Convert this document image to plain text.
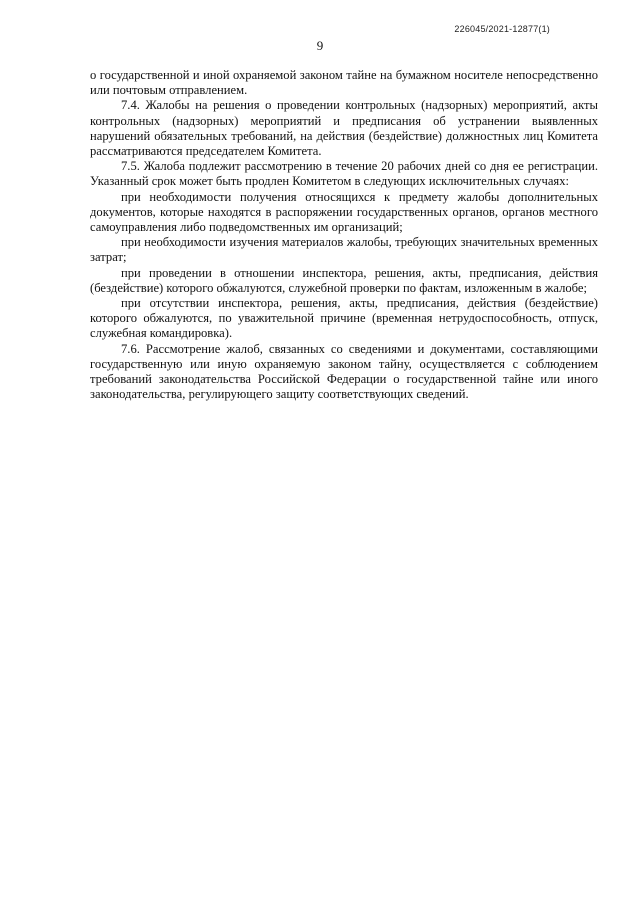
226045/2021-12877(1)
9

о государственной и иной охраняемой законом тайне на бумажном носителе непосредственно или почтовым отправлением.

7.4. Жалобы на решения о проведении контрольных (надзорных) мероприятий, акты контрольных (надзорных) мероприятий и предписания об устранении выявленных нарушений обязательных требований, на действия (бездействие) должностных лиц Комитета рассматриваются председателем Комитета.

7.5. Жалоба подлежит рассмотрению в течение 20 рабочих дней со дня ее регистрации. Указанный срок может быть продлен Комитетом в следующих исключительных случаях:

при необходимости получения относящихся к предмету жалобы дополнительных документов, которые находятся в распоряжении государственных органов, органов местного самоуправления либо подведомственных им организаций;

при необходимости изучения материалов жалобы, требующих значительных временных затрат;

при проведении в отношении инспектора, решения, акты, предписания, действия (бездействие) которого обжалуются, служебной проверки по фактам, изложенным в жалобе;

при отсутствии инспектора, решения, акты, предписания, действия (бездействие) которого обжалуются, по уважительной причине (временная нетрудоспособность, отпуск, служебная командировка).

7.6. Рассмотрение жалоб, связанных со сведениями и документами, составляющими государственную или иную охраняемую законом тайну, осуществляется с соблюдением требований законодательства Российской Федерации о государственной тайне или иного законодательства, регулирующего защиту соответствующих сведений.
